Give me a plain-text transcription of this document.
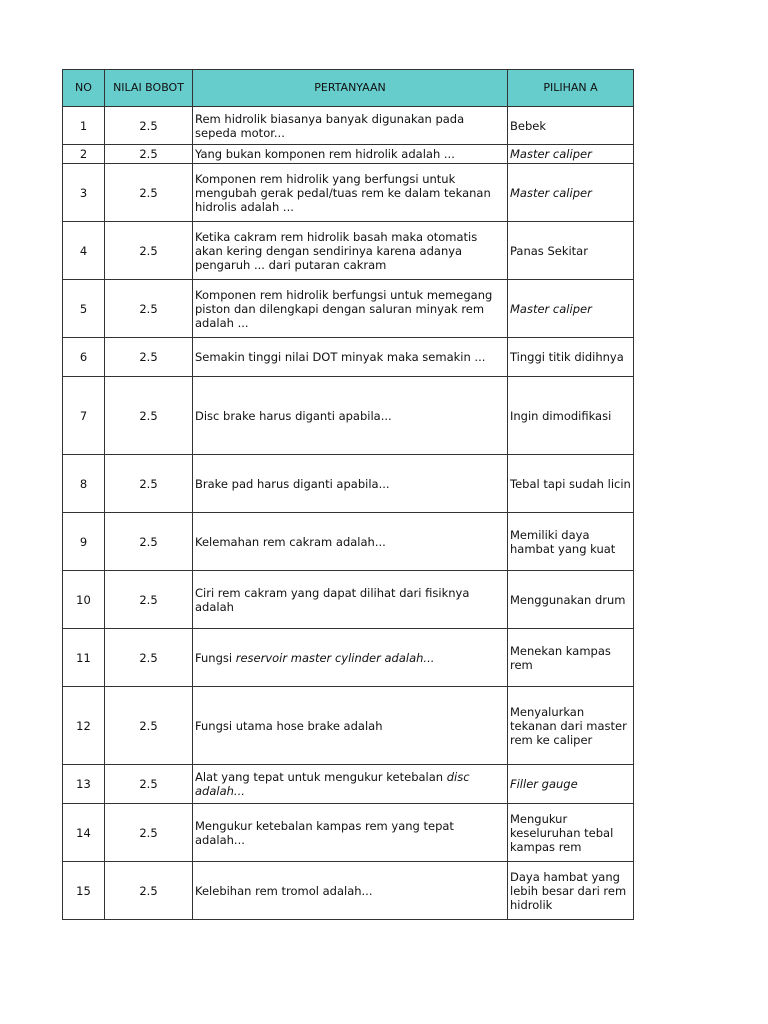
NO	NILAI BOBOT	PERTANYAAN	PILIHAN A
1	2.5	Rem hidrolik biasanya banyak digunakan pada sepeda motor...	Bebek
2	2.5	Yang bukan komponen rem hidrolik adalah ...	Master caliper
3	2.5	Komponen rem hidrolik yang berfungsi untuk mengubah gerak pedal/tuas rem ke dalam tekanan hidrolis adalah ...	Master caliper
4	2.5	Ketika cakram rem hidrolik basah maka otomatis akan kering dengan sendirinya karena adanya pengaruh ... dari putaran cakram	Panas Sekitar
5	2.5	Komponen rem hidrolik berfungsi untuk memegang piston dan dilengkapi dengan saluran minyak rem adalah ...	Master caliper
6	2.5	Semakin tinggi nilai DOT minyak maka semakin ...	Tinggi titik didihnya
7	2.5	Disc brake harus diganti apabila...	Ingin dimodifikasi
8	2.5	Brake pad harus diganti apabila...	Tebal tapi sudah licin
9	2.5	Kelemahan rem cakram adalah...	Memiliki daya hambat yang kuat
10	2.5	Ciri rem cakram yang dapat dilihat dari fisiknya adalah	Menggunakan drum
11	2.5	Fungsi reservoir master cylinder adalah...	Menekan kampas rem
12	2.5	Fungsi utama hose brake adalah	Menyalurkan tekanan dari master rem ke caliper
13	2.5	Alat yang tepat untuk mengukur ketebalan disc adalah...	Filler gauge
14	2.5	Mengukur ketebalan kampas rem yang tepat adalah...	Mengukur keseluruhan tebal kampas rem
15	2.5	Kelebihan rem tromol adalah...	Daya hambat yang lebih besar dari rem hidrolik
